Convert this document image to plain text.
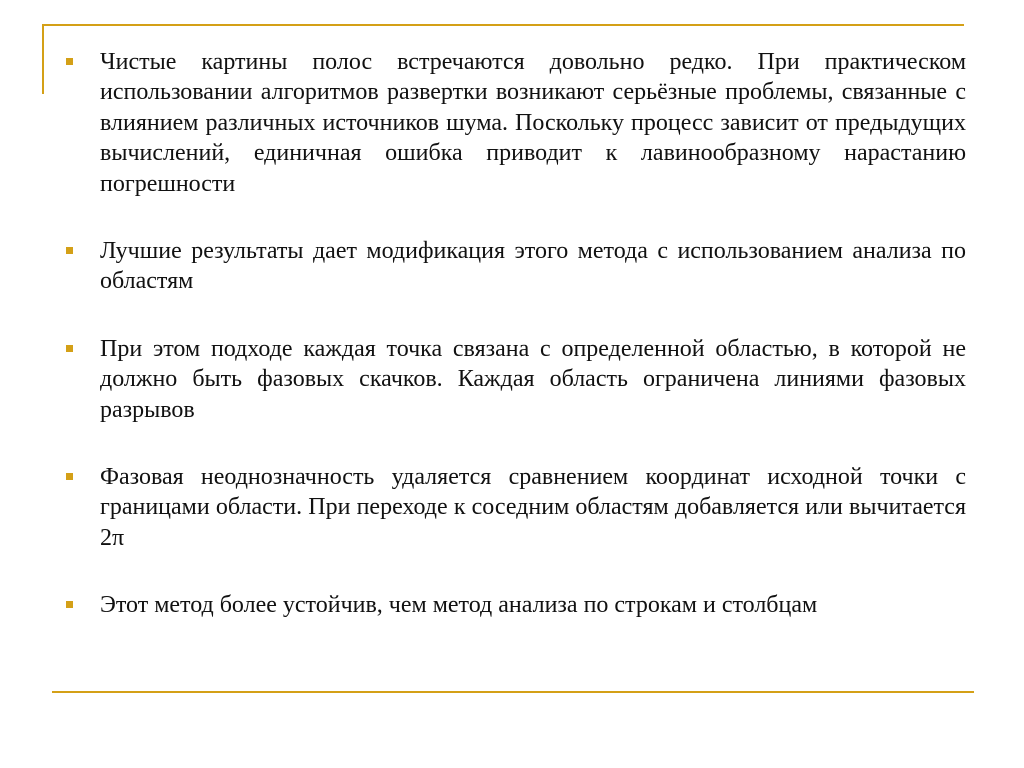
Чистые картины полос встречаются довольно редко. При практическом использовании алгоритмов развертки возникают серьёзные проблемы, связанные с влиянием различных источников шума. Поскольку процесс зависит от предыдущих вычислений, единичная ошибка приводит к лавинообразному нарастанию погрешности
Лучшие результаты дает модификация этого метода с использованием анализа по областям
При этом подходе каждая точка связана с определенной областью, в которой не должно быть фазовых скачков. Каждая область ограничена линиями фазовых разрывов
Фазовая неоднозначность удаляется сравнением координат исходной точки с границами области. При переходе к соседним областям добавляется или вычитается 2π
Этот метод более устойчив, чем метод анализа по строкам и столбцам
